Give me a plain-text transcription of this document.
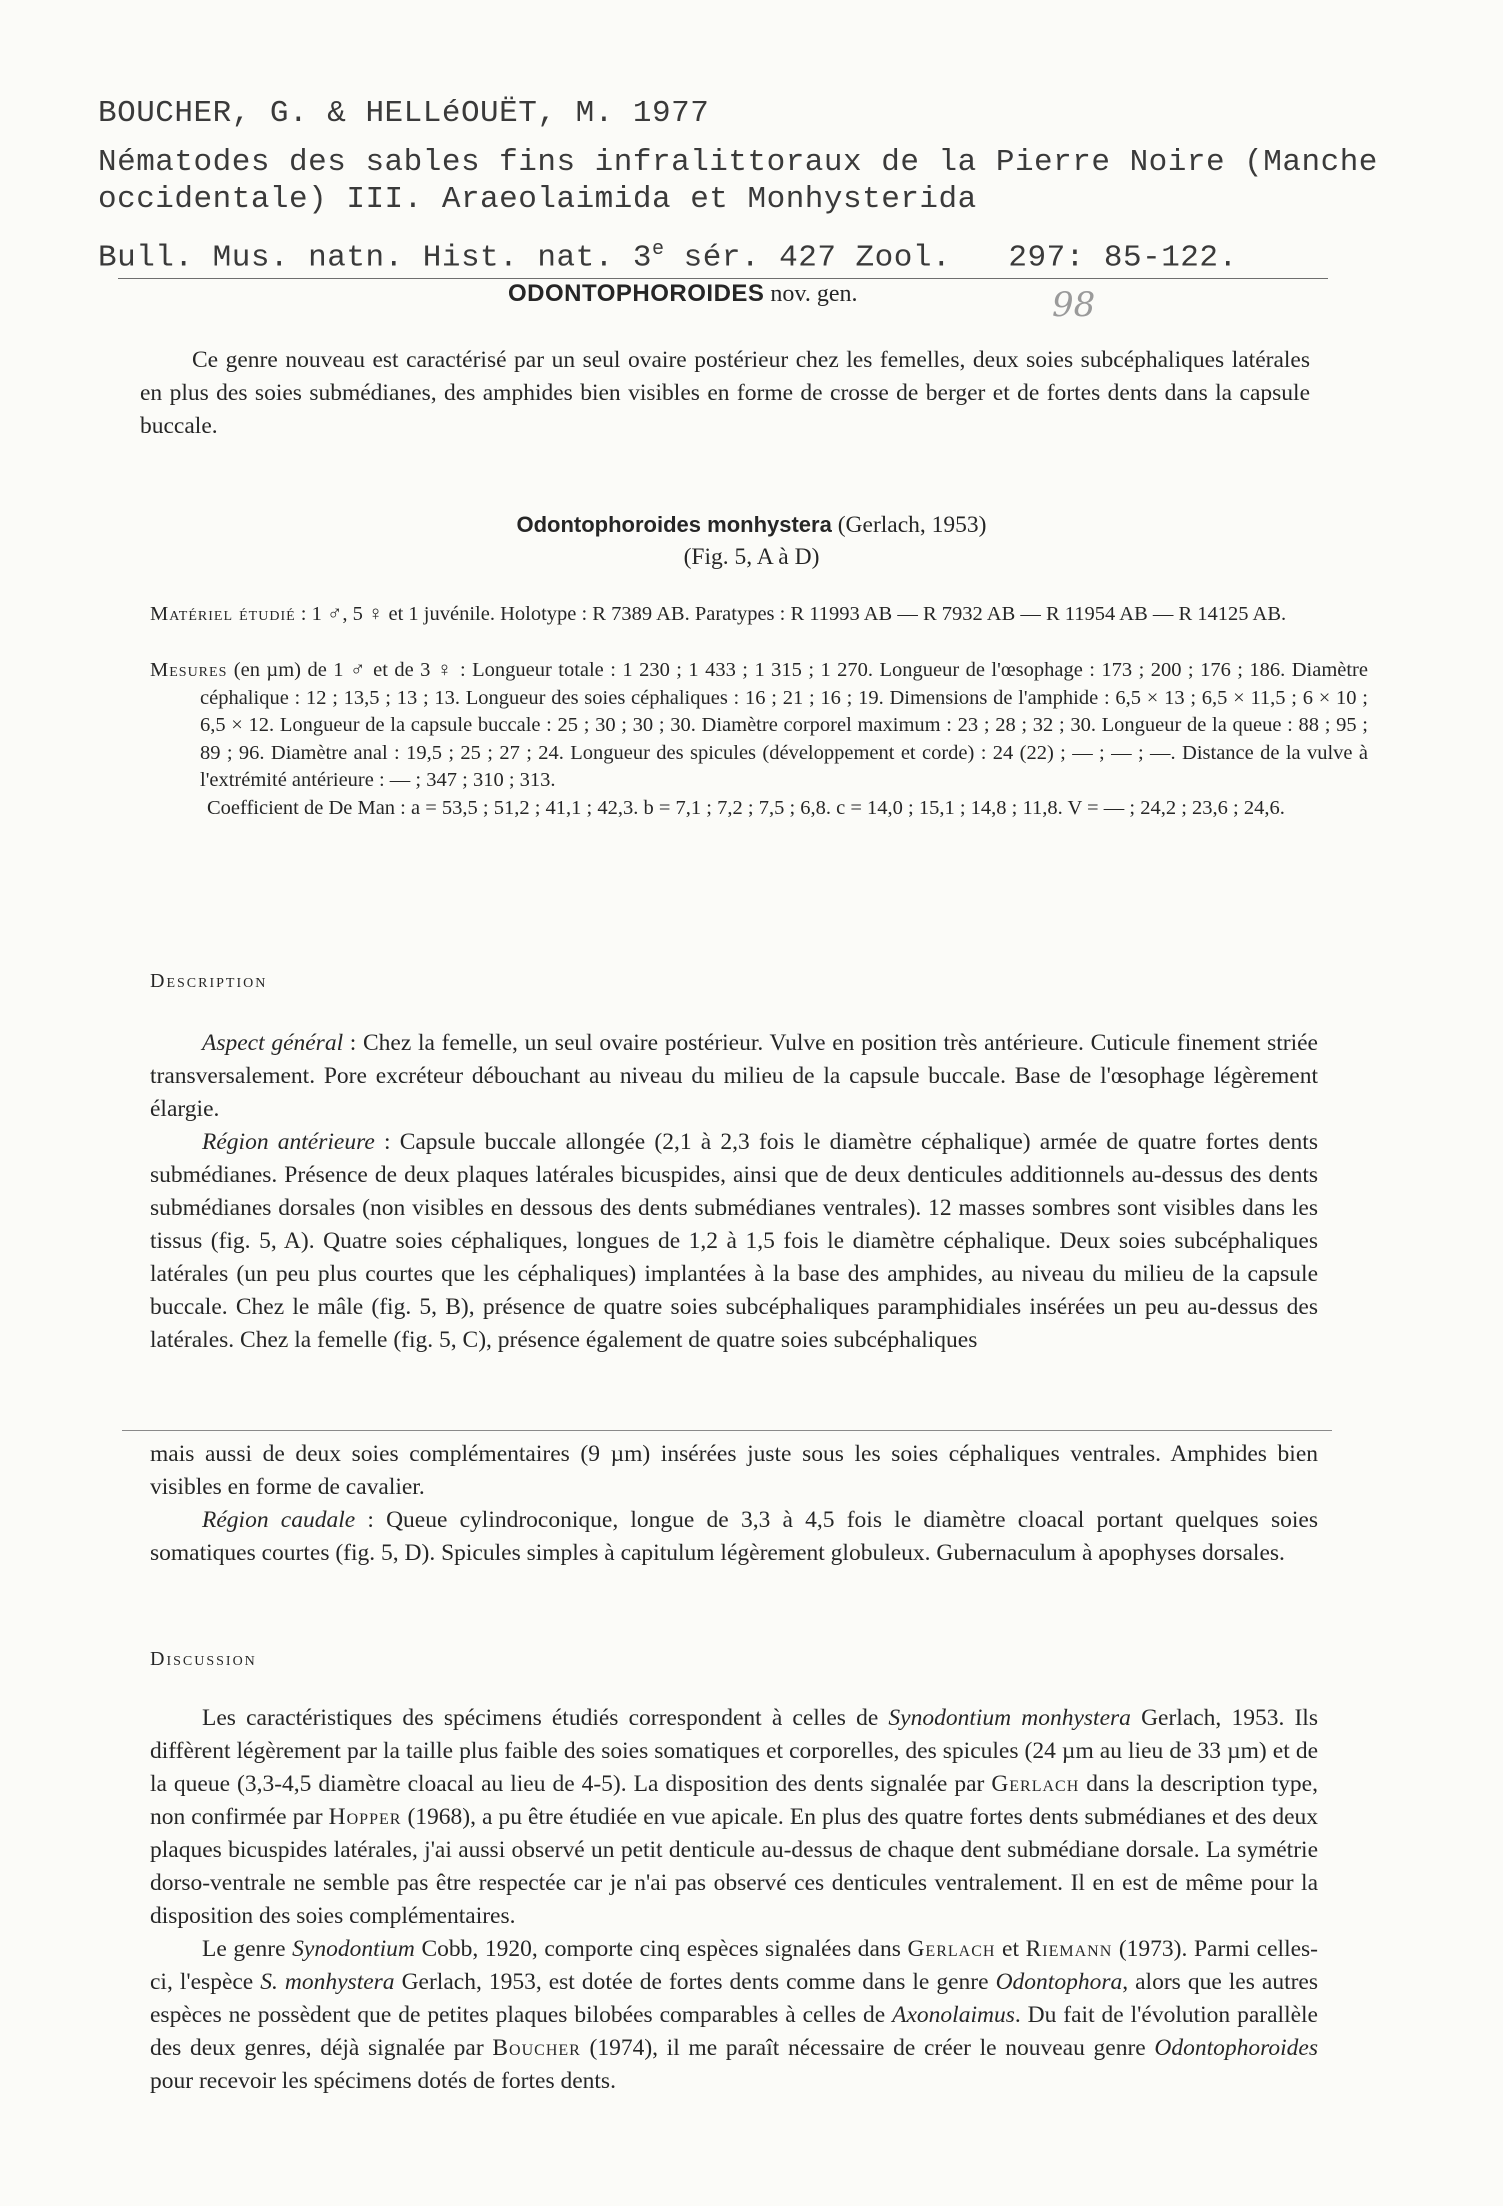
BOUCHER, G. & HELLéOUËT, M. 1977
Nématodes des sables fins infralittoraux de la Pierre Noire (Manche
occidentale) III. Araeolaimida et Monhysterida
Bull. Mus. natn. Hist. nat. 3e sér. 427 Zool.   297: 85-122.
ODONTOPHOROIDES nov. gen.	98
Ce genre nouveau est caractérisé par un seul ovaire postérieur chez les femelles, deux soies subcéphaliques latérales en plus des soies submédianes, des amphides bien visibles en forme de crosse de berger et de fortes dents dans la capsule buccale.
Odontophoroides monhystera (Gerlach, 1953)
(Fig. 5, A à D)

Matériel étudié : 1 ♂, 5 ♀ et 1 juvénile. Holotype : R 7389 AB. Paratypes : R 11993 AB — R 7932 AB — R 11954 AB — R 14125 AB.

Mesures (en µm) de 1 ♂ et de 3 ♀ : Longueur totale : 1 230 ; 1 433 ; 1 315 ; 1 270. Longueur de l'œsophage : 173 ; 200 ; 176 ; 186. Diamètre céphalique : 12 ; 13,5 ; 13 ; 13. Longueur des soies céphaliques : 16 ; 21 ; 16 ; 19. Dimensions de l'amphide : 6,5 × 13 ; 6,5 × 11,5 ; 6 × 10 ; 6,5 × 12. Longueur de la capsule buccale : 25 ; 30 ; 30 ; 30. Diamètre corporel maximum : 23 ; 28 ; 32 ; 30. Longueur de la queue : 88 ; 95 ; 89 ; 96. Diamètre anal : 19,5 ; 25 ; 27 ; 24. Longueur des spicules (développement et corde) : 24 (22) ; — ; — ; —. Distance de la vulve à l'extrémité antérieure : — ; 347 ; 310 ; 313.

Coefficient de De Man : a = 53,5 ; 51,2 ; 41,1 ; 42,3. b = 7,1 ; 7,2 ; 7,5 ; 6,8. c = 14,0 ; 15,1 ; 14,8 ; 11,8. V = — ; 24,2 ; 23,6 ; 24,6.

Description

Aspect général : Chez la femelle, un seul ovaire postérieur. Vulve en position très antérieure. Cuticule finement striée transversalement. Pore excréteur débouchant au niveau du milieu de la capsule buccale. Base de l'œsophage légèrement élargie.

Région antérieure : Capsule buccale allongée (2,1 à 2,3 fois le diamètre céphalique) armée de quatre fortes dents submédianes. Présence de deux plaques latérales bicuspides, ainsi que de deux denticules additionnels au-dessus des dents submédianes dorsales (non visibles en dessous des dents submédianes ventrales). 12 masses sombres sont visibles dans les tissus (fig. 5, A). Quatre soies céphaliques, longues de 1,2 à 1,5 fois le diamètre céphalique. Deux soies subcéphaliques latérales (un peu plus courtes que les céphaliques) implantées à la base des amphides, au niveau du milieu de la capsule buccale. Chez le mâle (fig. 5, B), présence de quatre soies subcéphaliques paramphidiales insérées un peu au-dessus des latérales. Chez la femelle (fig. 5, C), présence également de quatre soies subcéphaliques

mais aussi de deux soies complémentaires (9 µm) insérées juste sous les soies céphaliques ventrales. Amphides bien visibles en forme de cavalier.

Région caudale : Queue cylindroconique, longue de 3,3 à 4,5 fois le diamètre cloacal portant quelques soies somatiques courtes (fig. 5, D). Spicules simples à capitulum légèrement globuleux. Gubernaculum à apophyses dorsales.

Discussion

Les caractéristiques des spécimens étudiés correspondent à celles de Synodontium monhystera Gerlach, 1953. Ils diffèrent légèrement par la taille plus faible des soies somatiques et corporelles, des spicules (24 µm au lieu de 33 µm) et de la queue (3,3-4,5 diamètre cloacal au lieu de 4-5). La disposition des dents signalée par Gerlach dans la description type, non confirmée par Hopper (1968), a pu être étudiée en vue apicale. En plus des quatre fortes dents submédianes et des deux plaques bicuspides latérales, j'ai aussi observé un petit denticule au-dessus de chaque dent submédiane dorsale. La symétrie dorso-ventrale ne semble pas être respectée car je n'ai pas observé ces denticules ventralement. Il en est de même pour la disposition des soies complémentaires.

Le genre Synodontium Cobb, 1920, comporte cinq espèces signalées dans Gerlach et Riemann (1973). Parmi celles-ci, l'espèce S. monhystera Gerlach, 1953, est dotée de fortes dents comme dans le genre Odontophora, alors que les autres espèces ne possèdent que de petites plaques bilobées comparables à celles de Axonolaimus. Du fait de l'évolution parallèle des deux genres, déjà signalée par Boucher (1974), il me paraît nécessaire de créer le nouveau genre Odontophoroides pour recevoir les spécimens dotés de fortes dents.
